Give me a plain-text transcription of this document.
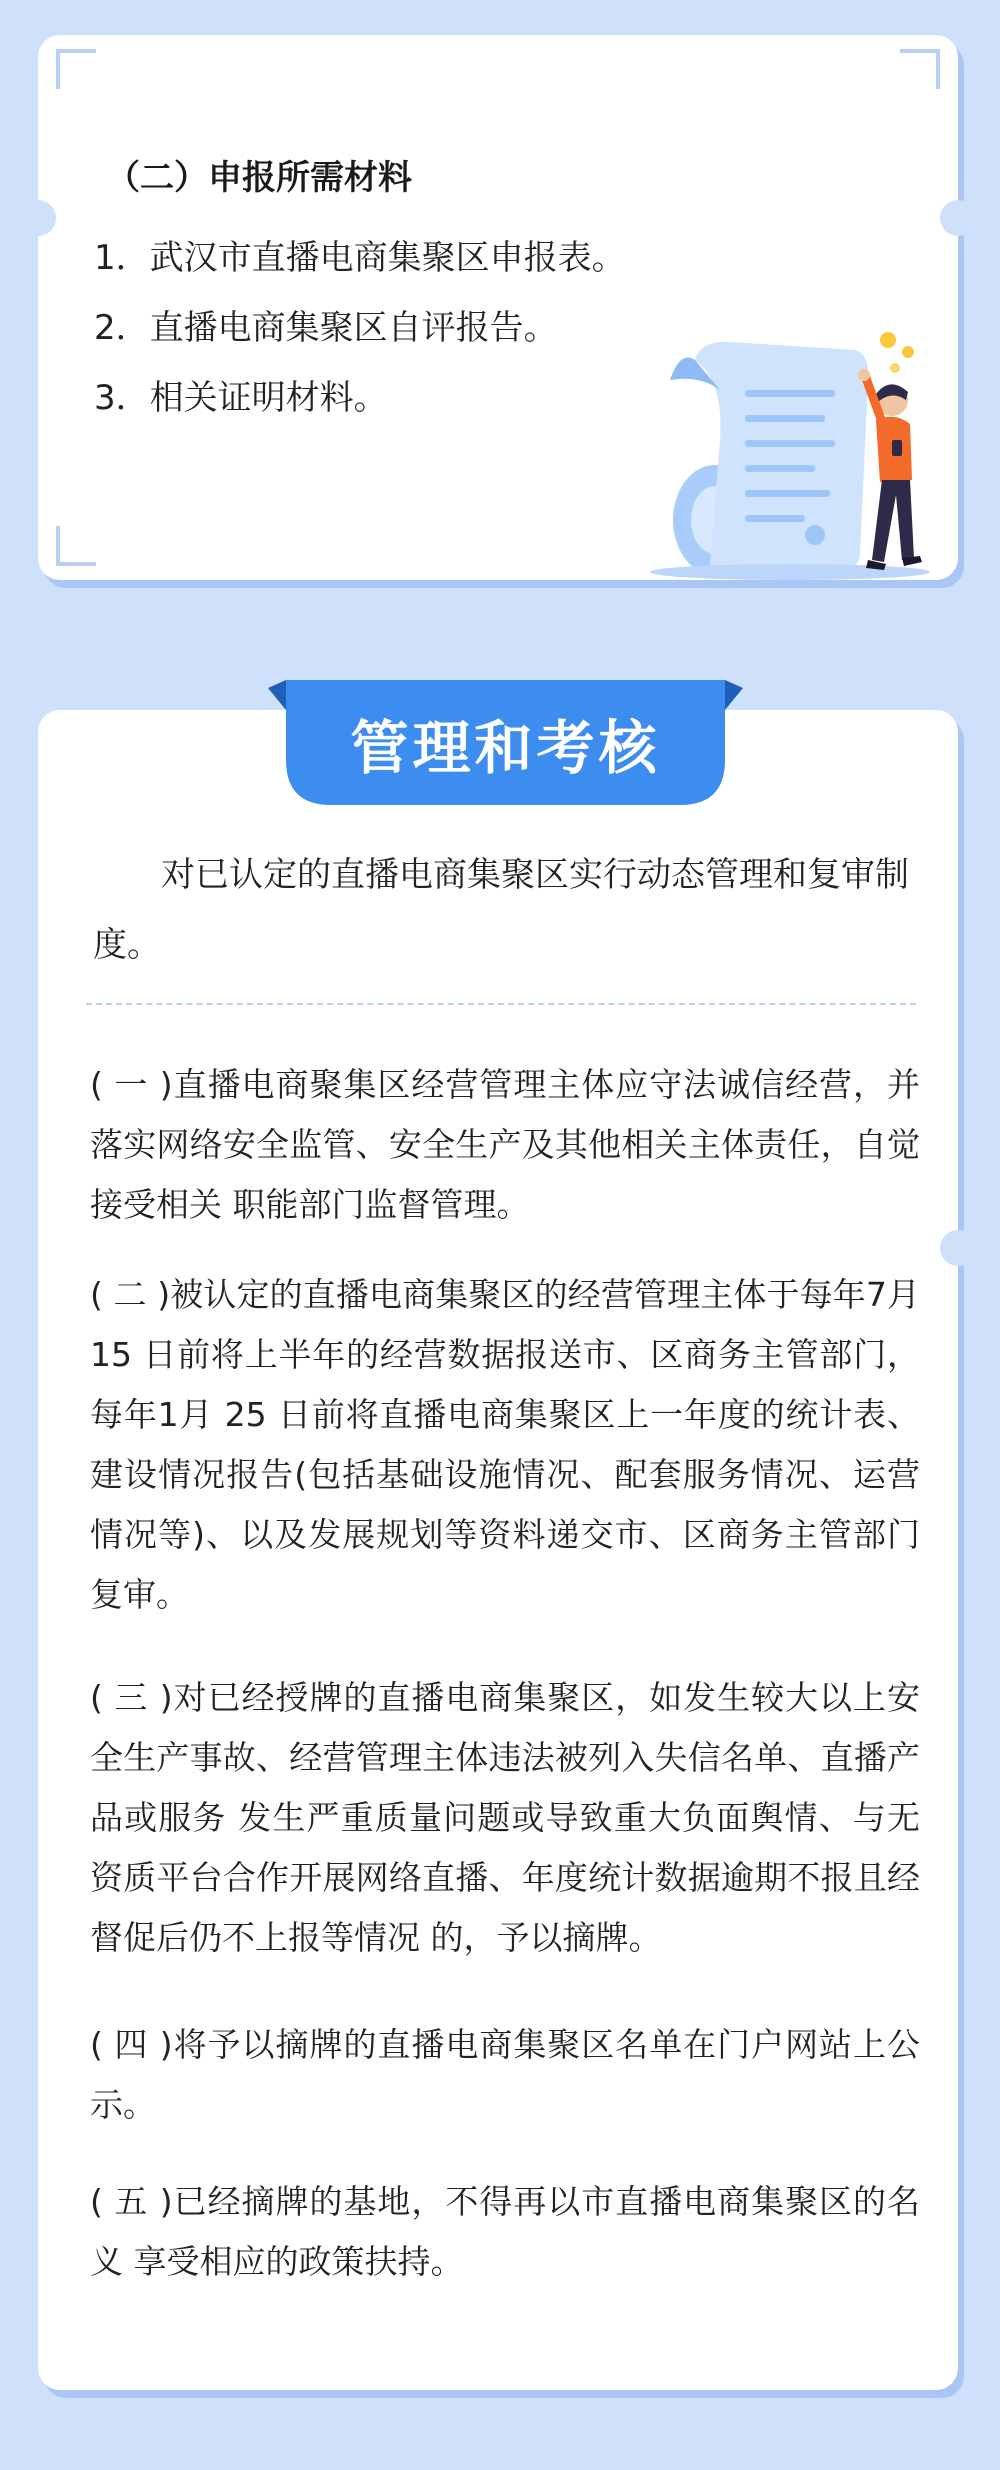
（二）申报所需材料
1．武汉市直播电商集聚区申报表。
2．直播电商集聚区自评报告。
3．相关证明材料。
管理和考核

对已认定的直播电商集聚区实行动态管理和复审制度。

( 一 )直播电商聚集区经营管理主体应守法诚信经营，并落实网络安全监管、安全生产及其他相关主体责任，自觉接受相关 职能部门监督管理。

( 二 )被认定的直播电商集聚区的经营管理主体于每年7月 15 日前将上半年的经营数据报送市、区商务主管部门，每年1月 25 日前将直播电商集聚区上一年度的统计表、建设情况报告(包括基础设施情况、配套服务情况、运营情况等)、以及发展规划等资料递交市、区商务主管部门复审。

( 三 )对已经授牌的直播电商集聚区，如发生较大以上安全生产事故、经营管理主体违法被列入失信名单、直播产品或服务 发生严重质量问题或导致重大负面舆情、与无资质平台合作开展网络直播、年度统计数据逾期不报且经督促后仍不上报等情况 的，予以摘牌。

( 四 )将予以摘牌的直播电商集聚区名单在门户网站上公 示。

( 五 )已经摘牌的基地，不得再以市直播电商集聚区的名义 享受相应的政策扶持。
